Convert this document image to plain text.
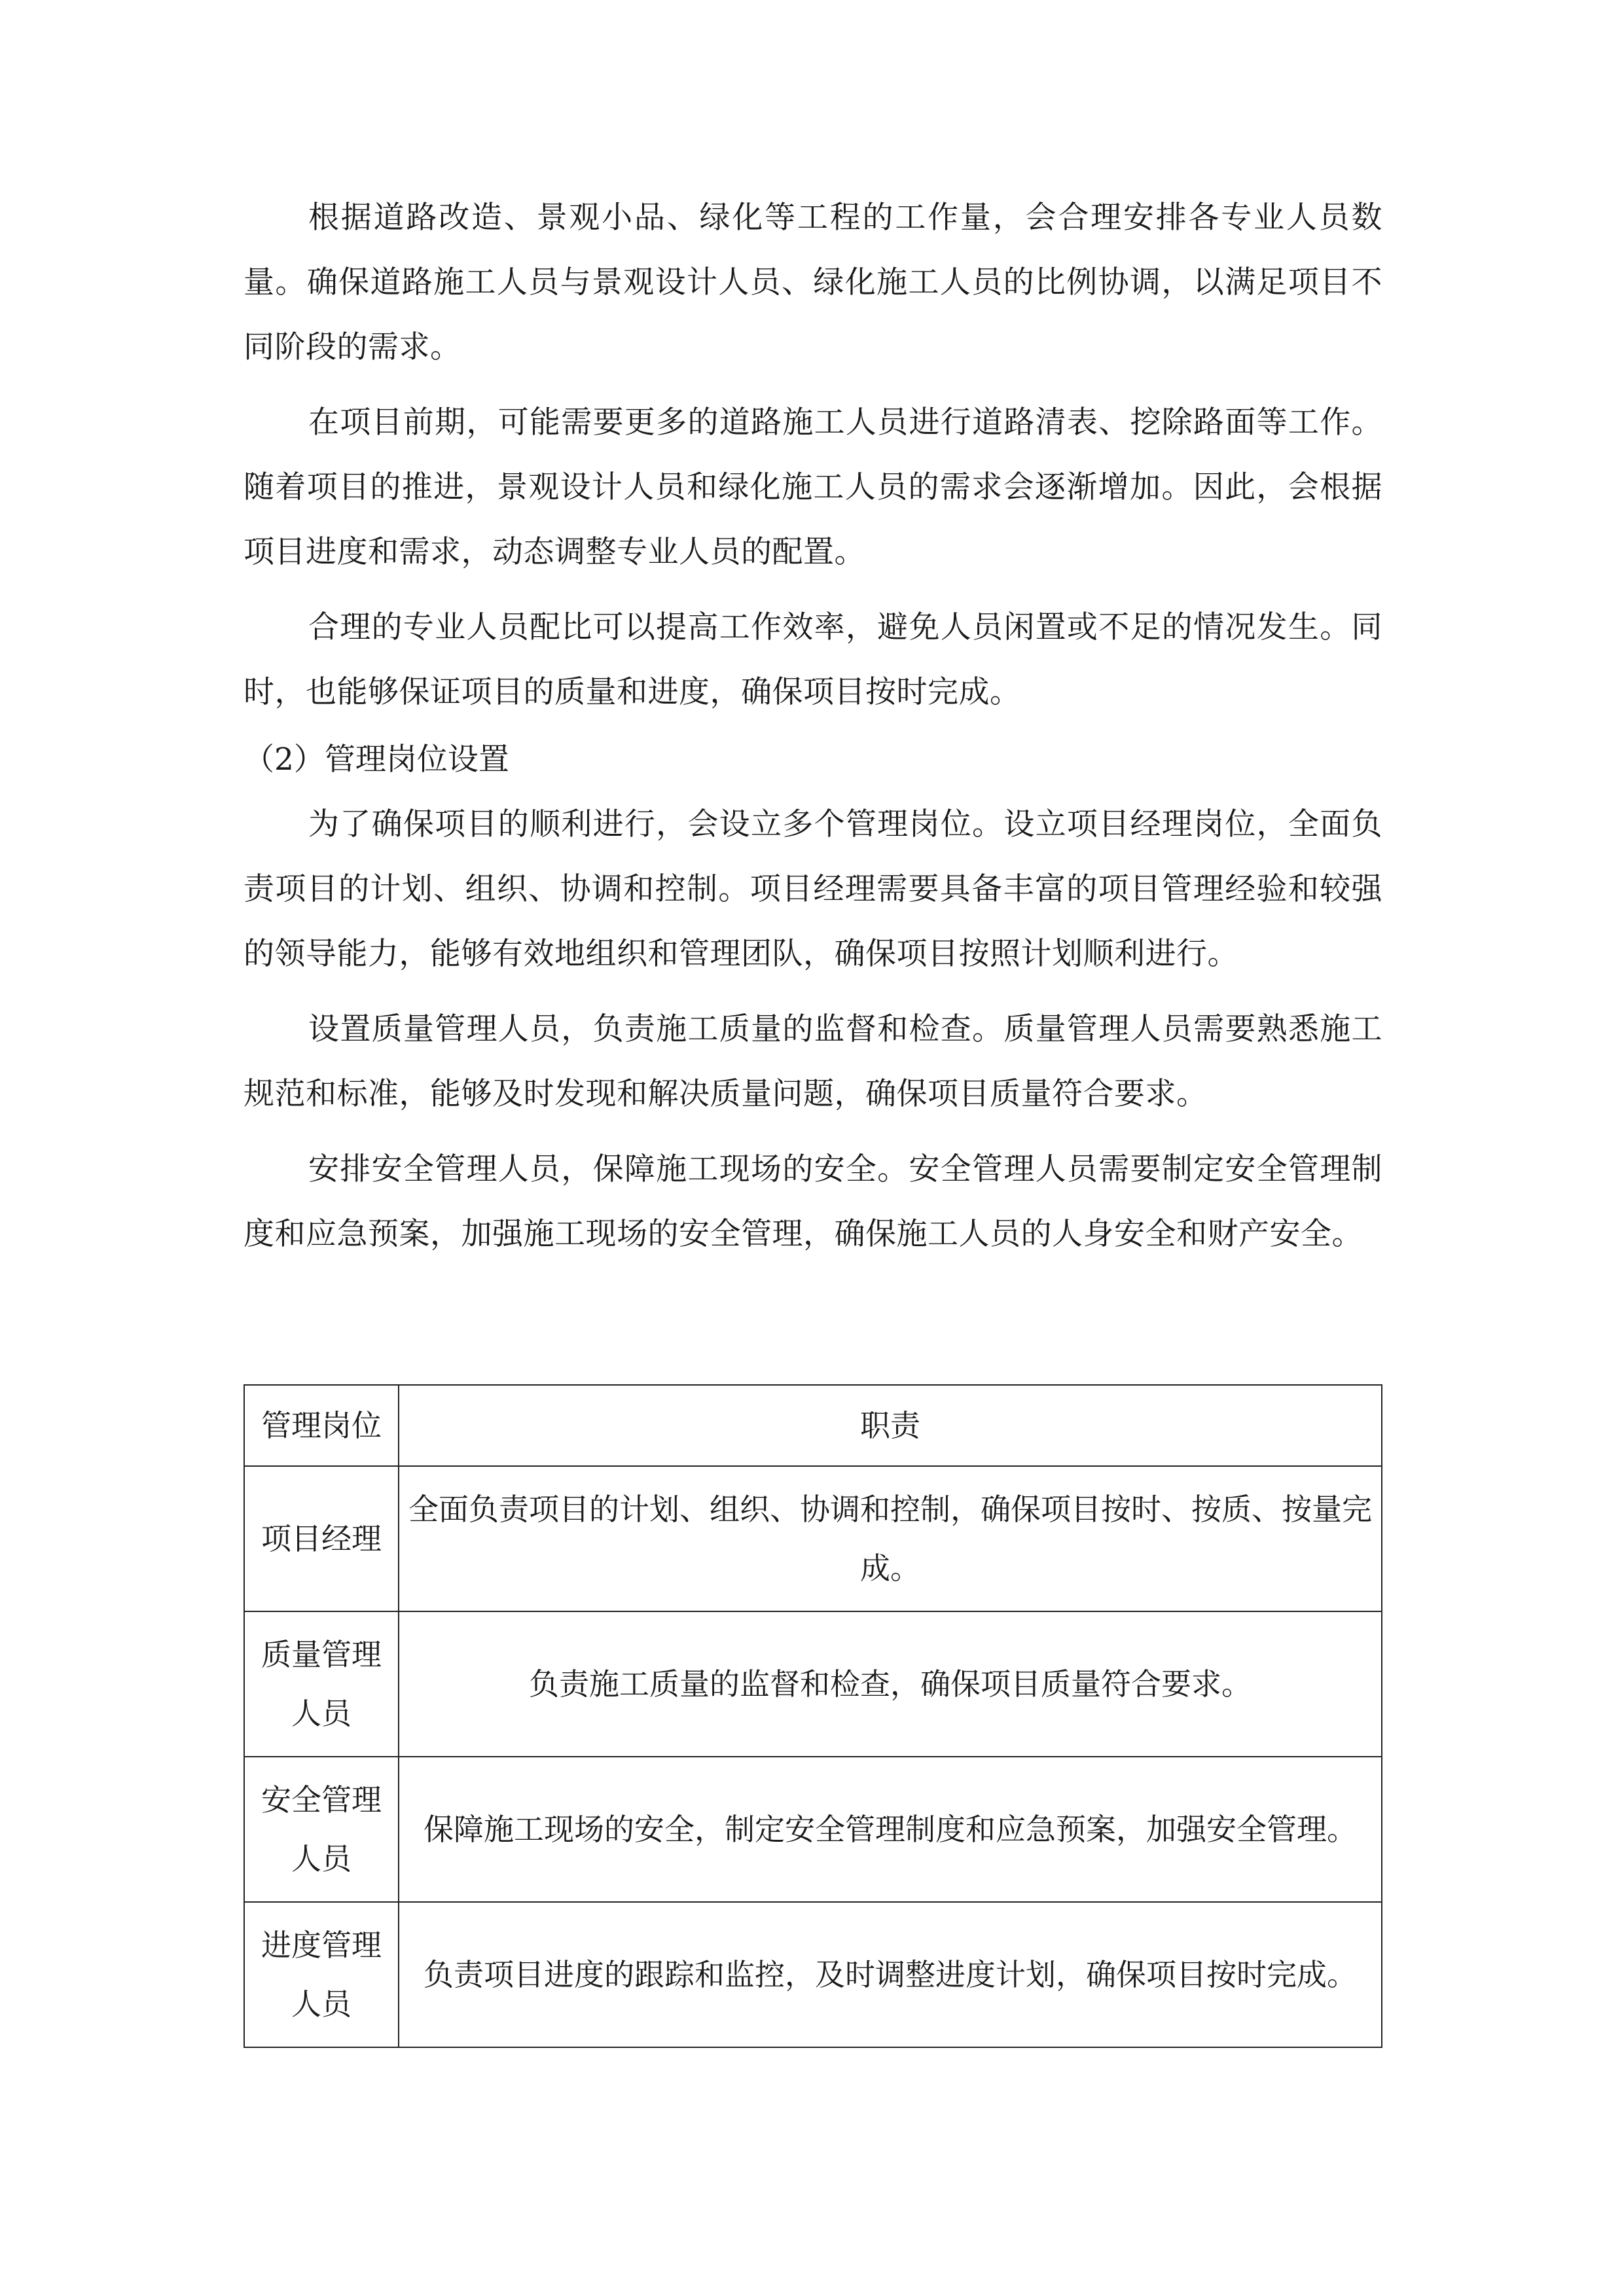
根据道路改造、景观小品、绿化等工程的工作量，会合理安排各专业人员数量。确保道路施工人员与景观设计人员、绿化施工人员的比例协调，以满足项目不同阶段的需求。

在项目前期，可能需要更多的道路施工人员进行道路清表、挖除路面等工作。随着项目的推进，景观设计人员和绿化施工人员的需求会逐渐增加。因此，会根据项目进度和需求，动态调整专业人员的配置。

合理的专业人员配比可以提高工作效率，避免人员闲置或不足的情况发生。同时，也能够保证项目的质量和进度，确保项目按时完成。

（2）管理岗位设置

为了确保项目的顺利进行，会设立多个管理岗位。设立项目经理岗位，全面负责项目的计划、组织、协调和控制。项目经理需要具备丰富的项目管理经验和较强的领导能力，能够有效地组织和管理团队，确保项目按照计划顺利进行。

设置质量管理人员，负责施工质量的监督和检查。质量管理人员需要熟悉施工规范和标准，能够及时发现和解决质量问题，确保项目质量符合要求。

安排安全管理人员，保障施工现场的安全。安全管理人员需要制定安全管理制度和应急预案，加强施工现场的安全管理，确保施工人员的人身安全和财产安全。

管理岗位	职责
项目经理	全面负责项目的计划、组织、协调和控制，确保项目按时、按质、按量完成。
质量管理人员	负责施工质量的监督和检查，确保项目质量符合要求。
安全管理人员	保障施工现场的安全，制定安全管理制度和应急预案，加强安全管理。
进度管理人员	负责项目进度的跟踪和监控，及时调整进度计划，确保项目按时完成。
